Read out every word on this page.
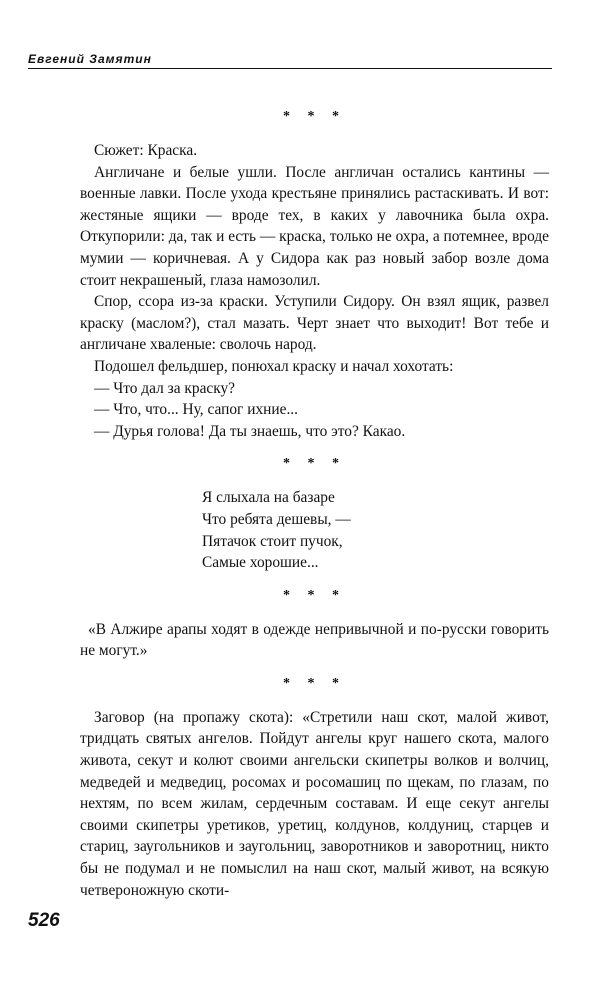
Евгений Замятин
* * *

Сюжет: Краска.

Англичане и белые ушли. После англичан остались кантины — военные лавки. После ухода крестьяне принялись растаскивать. И вот: жестяные ящики — вроде тех, в каких у лавочника была охра. Откупорили: да, так и есть — краска, только не охра, а потемнее, вроде мумии — коричневая. А у Сидора как раз новый забор возле дома стоит некрашеный, глаза намозолил.

Спор, ссора из-за краски. Уступили Сидору. Он взял ящик, развел краску (маслом?), стал мазать. Черт знает что выходит! Вот тебе и англичане хваленые: сволочь народ.

Подошел фельдшер, понюхал краску и начал хохотать:

— Что дал за краску?

— Что, что... Ну, сапог ихние...

— Дурья голова! Да ты знаешь, что это? Какао.

* * *
Я слыхала на базаре
Что ребята дешевы, —
Пятачок стоит пучок,
Самые хорошие...
* * *

«В Алжире арапы ходят в одежде непривычной и по-русски говорить не могут.»

* * *

Заговор (на пропажу скота): «Стретили наш скот, малой живот, тридцать святых ангелов. Пойдут ангелы круг нашего скота, малого живота, секут и колют своими ангельски скипетры волков и волчиц, медведей и медведиц, росомах и росомашиц по щекам, по глазам, по нехтям, по всем жилам, сердечным составам. И еще секут ангелы своими скипетры уретиков, уретиц, колдунов, колдуниц, старцев и стариц, заугольников и заугольниц, заворотников и заворотниц, никто бы не подумал и не помыслил на наш скот, малый живот, на всякую четвероножную скоти-

526
